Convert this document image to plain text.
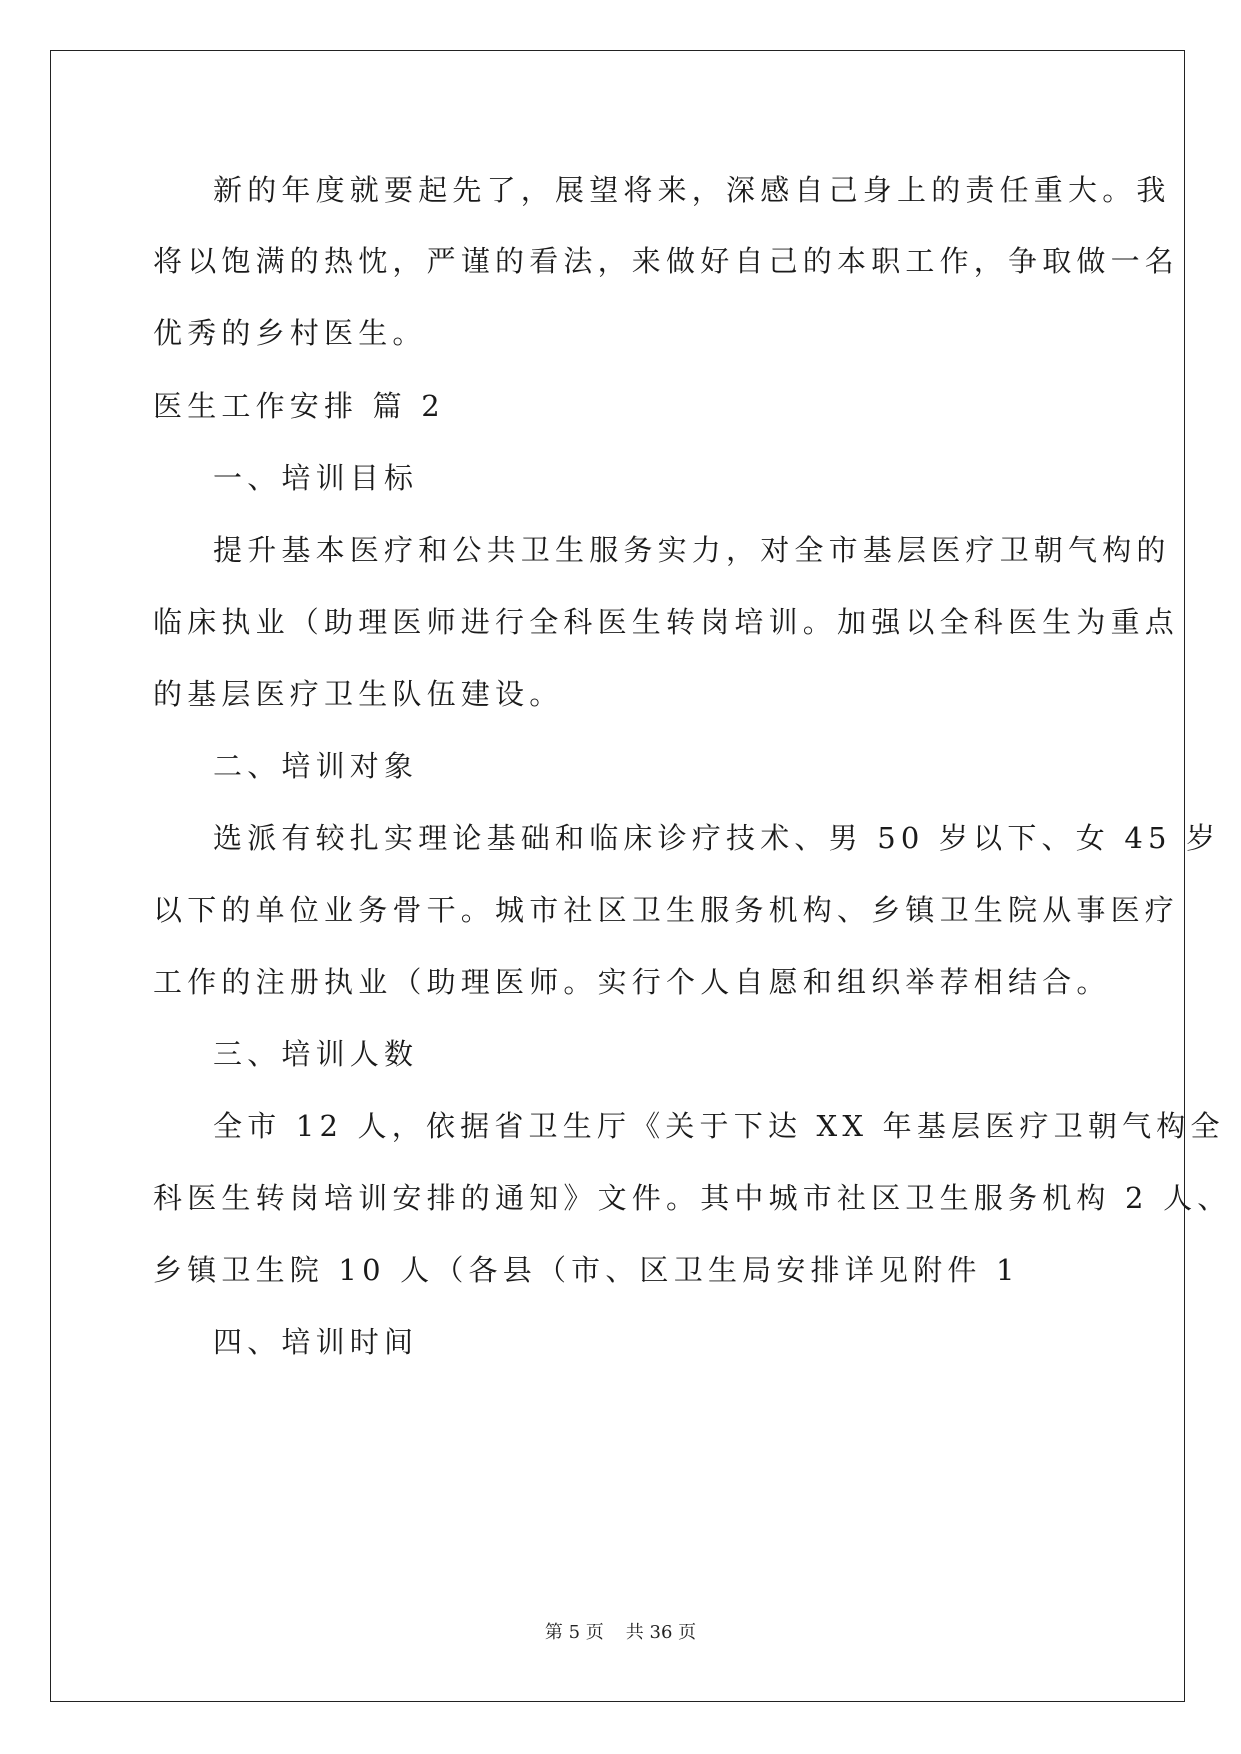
新的年度就要起先了，展望将来，深感自己身上的责任重大。我
将以饱满的热忱，严谨的看法，来做好自己的本职工作，争取做一名
优秀的乡村医生。
医生工作安排 篇 2
一、培训目标
提升基本医疗和公共卫生服务实力，对全市基层医疗卫朝气构的
临床执业（助理医师进行全科医生转岗培训。加强以全科医生为重点
的基层医疗卫生队伍建设。
二、培训对象
选派有较扎实理论基础和临床诊疗技术、男 50 岁以下、女 45 岁
以下的单位业务骨干。城市社区卫生服务机构、乡镇卫生院从事医疗
工作的注册执业（助理医师。实行个人自愿和组织举荐相结合。
三、培训人数
全市 12 人，依据省卫生厅《关于下达 XX 年基层医疗卫朝气构全
科医生转岗培训安排的通知》文件。其中城市社区卫生服务机构 2 人、
乡镇卫生院 10 人（各县（市、区卫生局安排详见附件 1
四、培训时间
第 5 页 共 36 页
